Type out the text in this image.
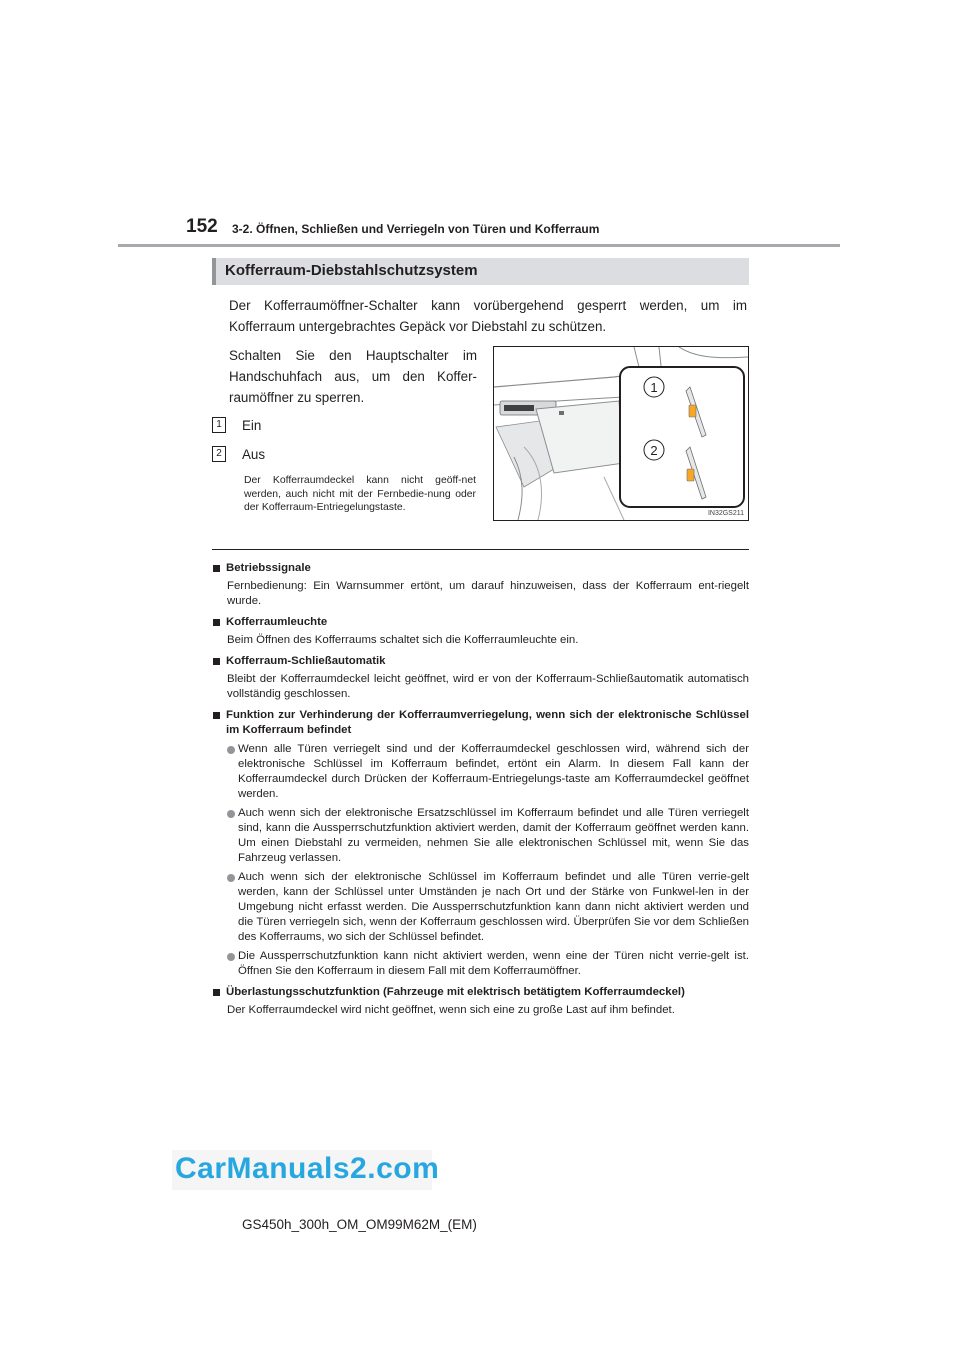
152 3-2. Öffnen, Schließen und Verriegeln von Türen und Kofferraum
Kofferraum-Diebstahlschutzsystem
Der Kofferraumöffner-Schalter kann vorübergehend gesperrt werden, um im Kofferraum untergebrachtes Gepäck vor Diebstahl zu schützen.
Schalten Sie den Hauptschalter im Handschuhfach aus, um den Koffer-raumöffner zu sperren.
1	Ein
2	Aus
Der Kofferraumdeckel kann nicht geöff-net werden, auch nicht mit der Fernbedie-nung oder der Kofferraum-Entriegelungstaste.
1
2
IN32GS211
Betriebssignale
Fernbedienung: Ein Warnsummer ertönt, um darauf hinzuweisen, dass der Kofferraum ent-riegelt wurde.
Kofferraumleuchte
Beim Öffnen des Kofferraums schaltet sich die Kofferraumleuchte ein.
Kofferraum-Schließautomatik
Bleibt der Kofferraumdeckel leicht geöffnet, wird er von der Kofferraum-Schließautomatik automatisch vollständig geschlossen.
Funktion zur Verhinderung der Kofferraumverriegelung, wenn sich der elektronische Schlüssel im Kofferraum befindet
Wenn alle Türen verriegelt sind und der Kofferraumdeckel geschlossen wird, während sich der elektronische Schlüssel im Kofferraum befindet, ertönt ein Alarm. In diesem Fall kann der Kofferraumdeckel durch Drücken der Kofferraum-Entriegelungs-taste am Kofferraumdeckel geöffnet werden.
Auch wenn sich der elektronische Ersatzschlüssel im Kofferraum befindet und alle Türen verriegelt sind, kann die Aussperrschutzfunktion aktiviert werden, damit der Kofferraum geöffnet werden kann. Um einen Diebstahl zu vermeiden, nehmen Sie alle elektronischen Schlüssel mit, wenn Sie das Fahrzeug verlassen.
Auch wenn sich der elektronische Schlüssel im Kofferraum befindet und alle Türen verrie-gelt werden, kann der Schlüssel unter Umständen je nach Ort und der Stärke von Funkwel-len in der Umgebung nicht erfasst werden. Die Aussperrschutzfunktion kann dann nicht aktiviert werden und die Türen verriegeln sich, wenn der Kofferraum geschlossen wird. Überprüfen Sie vor dem Schließen des Kofferraums, wo sich der Schlüssel befindet.
Die Aussperrschutzfunktion kann nicht aktiviert werden, wenn eine der Türen nicht verrie-gelt ist. Öffnen Sie den Kofferraum in diesem Fall mit dem Kofferraumöffner.
Überlastungsschutzfunktion (Fahrzeuge mit elektrisch betätigtem Kofferraumdeckel)
Der Kofferraumdeckel wird nicht geöffnet, wenn sich eine zu große Last auf ihm befindet.
CarManuals2.com
GS450h_300h_OM_OM99M62M_(EM)
